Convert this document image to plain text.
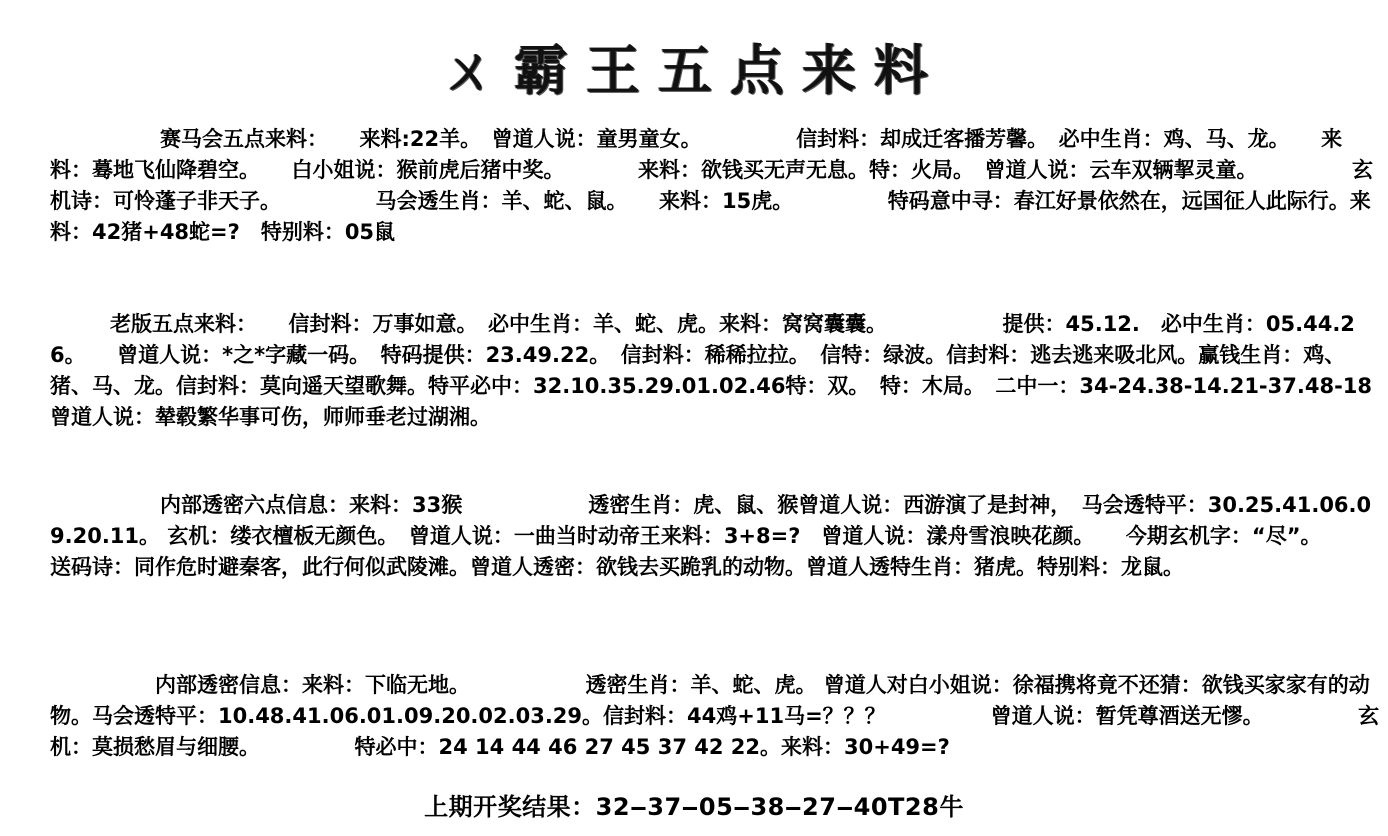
ㄨ霸王五点来料
赛马会五点来料：　　来料:22羊。　曾道人说：童男童女。　　　　　信封料：却成迁客播芳馨。　必中生肖：鸡、马、龙。　　来料：蓦地飞仙降碧空。　　白小姐说：猴前虎后猪中奖。　　　　来料：欲钱买无声无息。特：火局。　曾道人说：云车双辆挈灵童。　　　　　玄机诗：可怜蓬子非天子。　　　　　马会透生肖：羊、蛇、鼠。　　来料：15虎。　　　　　特码意中寻：春江好景依然在，远国征人此际行。来料：42猪+48蛇=?　特别料：05鼠
老版五点来料：　　信封料：万事如意。　必中生肖：羊、蛇、虎。来料：窝窝囊囊。　　　　　　提供：45.12.　必中生肖：05.44.26。　　曾道人说：*之*字藏一码。　特码提供：23.49.22。　信封料：稀稀拉拉。　信特：绿波。信封料：逃去逃来吸北风。赢钱生肖：鸡、猪、马、龙。信封料：莫向遥天望歌舞。特平必中：32.10.35.29.01.02.46特：双。　特：木局。　二中一：34-24.38-14.21-37.48-18曾道人说：辇毂繁华事可伤，师师垂老过湖湘。
内部透密六点信息：来料：33猴　　　　　　透密生肖：虎、鼠、猴曾道人说：西游演了是封神，　马会透特平：30.25.41.06.09.20.11。 玄机：缕衣檀板无颜色。　曾道人说：一曲当时动帝王来料：3+8=?　曾道人说：漾舟雪浪映花颜。　　今期玄机字：“尽”。　　　送码诗：同作危时避秦客，此行何似武陵滩。曾道人透密：欲钱去买跪乳的动物。曾道人透特生肖：猪虎。特别料：龙鼠。
内部透密信息：来料：下临无地。　　　　　　透密生肖：羊、蛇、虎。 曾道人对白小姐说：徐福携将竟不还猜：欲钱买家家有的动物。马会透特平：10.48.41.06.01.09.20.02.03.29。信封料：44鸡+11马=？？？　　　　　曾道人说：暂凭尊酒送无憀。　　　　　玄机：莫损愁眉与细腰。　　　　　特必中：24 14 44 46 27 45 37 42 22。来料：30+49=?
上期开奖结果：32‒37‒05‒38‒27‒40T28牛
